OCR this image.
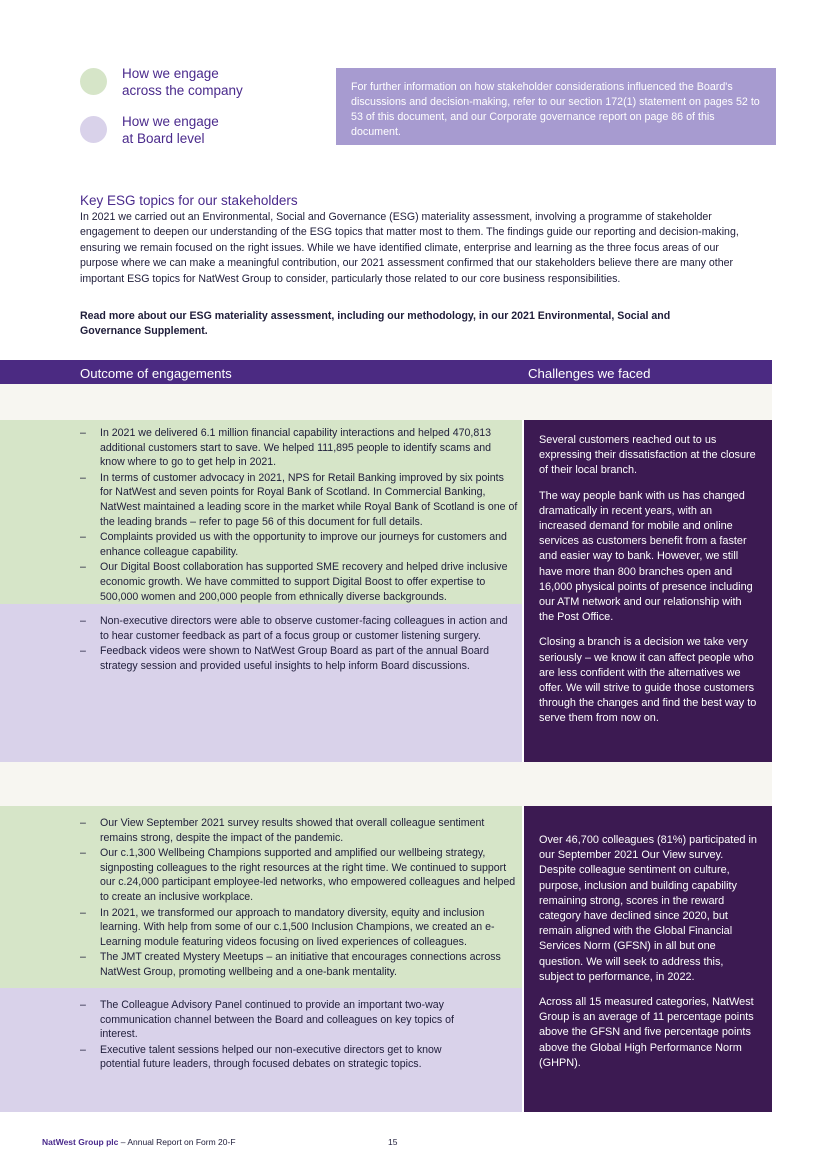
How we engage
across the company
How we engage
at Board level
For further information on how stakeholder considerations influenced the Board's discussions and decision-making, refer to our section 172(1) statement on pages 52 to 53 of this document, and our Corporate governance report on page 86 of this document.
Key ESG topics for our stakeholders
In 2021 we carried out an Environmental, Social and Governance (ESG) materiality assessment, involving a programme of stakeholder engagement to deepen our understanding of the ESG topics that matter most to them. The findings guide our reporting and decision-making, ensuring we remain focused on the right issues. While we have identified climate, enterprise and learning as the three focus areas of our purpose where we can make a meaningful contribution, our 2021 assessment confirmed that our stakeholders believe there are many other important ESG topics for NatWest Group to consider, particularly those related to our core business responsibilities.
Read more about our ESG materiality assessment, including our methodology, in our 2021 Environmental, Social and Governance Supplement.
Outcome of engagements	Challenges we faced
– In 2021 we delivered 6.1 million financial capability interactions and helped 470,813 additional customers start to save. We helped 111,895 people to identify scams and know where to go to get help in 2021.
– In terms of customer advocacy in 2021, NPS for Retail Banking improved by six points for NatWest and seven points for Royal Bank of Scotland. In Commercial Banking, NatWest maintained a leading score in the market while Royal Bank of Scotland is one of the leading brands – refer to page 56 of this document for full details.
– Complaints provided us with the opportunity to improve our journeys for customers and enhance colleague capability.
– Our Digital Boost collaboration has supported SME recovery and helped drive inclusive economic growth. We have committed to support Digital Boost to offer expertise to 500,000 women and 200,000 people from ethnically diverse backgrounds.
– Non-executive directors were able to observe customer-facing colleagues in action and to hear customer feedback as part of a focus group or customer listening surgery.
– Feedback videos were shown to NatWest Group Board as part of the annual Board strategy session and provided useful insights to help inform Board discussions.

Several customers reached out to us expressing their dissatisfaction at the closure of their local branch.

The way people bank with us has changed dramatically in recent years, with an increased demand for mobile and online services as customers benefit from a faster and easier way to bank. However, we still have more than 800 branches open and 16,000 physical points of presence including our ATM network and our relationship with the Post Office.

Closing a branch is a decision we take very seriously – we know it can affect people who are less confident with the alternatives we offer. We will strive to guide those customers through the changes and find the best way to serve them from now on.

– Our View September 2021 survey results showed that overall colleague sentiment remains strong, despite the impact of the pandemic.
– Our c.1,300 Wellbeing Champions supported and amplified our wellbeing strategy, signposting colleagues to the right resources at the right time. We continued to support our c.24,000 participant employee-led networks, who empowered colleagues and helped to create an inclusive workplace.
– In 2021, we transformed our approach to mandatory diversity, equity and inclusion learning. With help from some of our c.1,500 Inclusion Champions, we created an e-Learning module featuring videos focusing on lived experiences of colleagues.
– The JMT created Mystery Meetups – an initiative that encourages connections across NatWest Group, promoting wellbeing and a one-bank mentality.
– The Colleague Advisory Panel continued to provide an important two-way communication channel between the Board and colleagues on key topics of interest.
– Executive talent sessions helped our non-executive directors get to know potential future leaders, through focused debates on strategic topics.

Over 46,700 colleagues (81%) participated in our September 2021 Our View survey. Despite colleague sentiment on culture, purpose, inclusion and building capability remaining strong, scores in the reward category have declined since 2020, but remain aligned with the Global Financial Services Norm (GFSN) in all but one question. We will seek to address this, subject to performance, in 2022.

Across all 15 measured categories, NatWest Group is an average of 11 percentage points above the GFSN and five percentage points above the Global High Performance Norm (GHPN).

NatWest Group plc – Annual Report on Form 20-F	15
